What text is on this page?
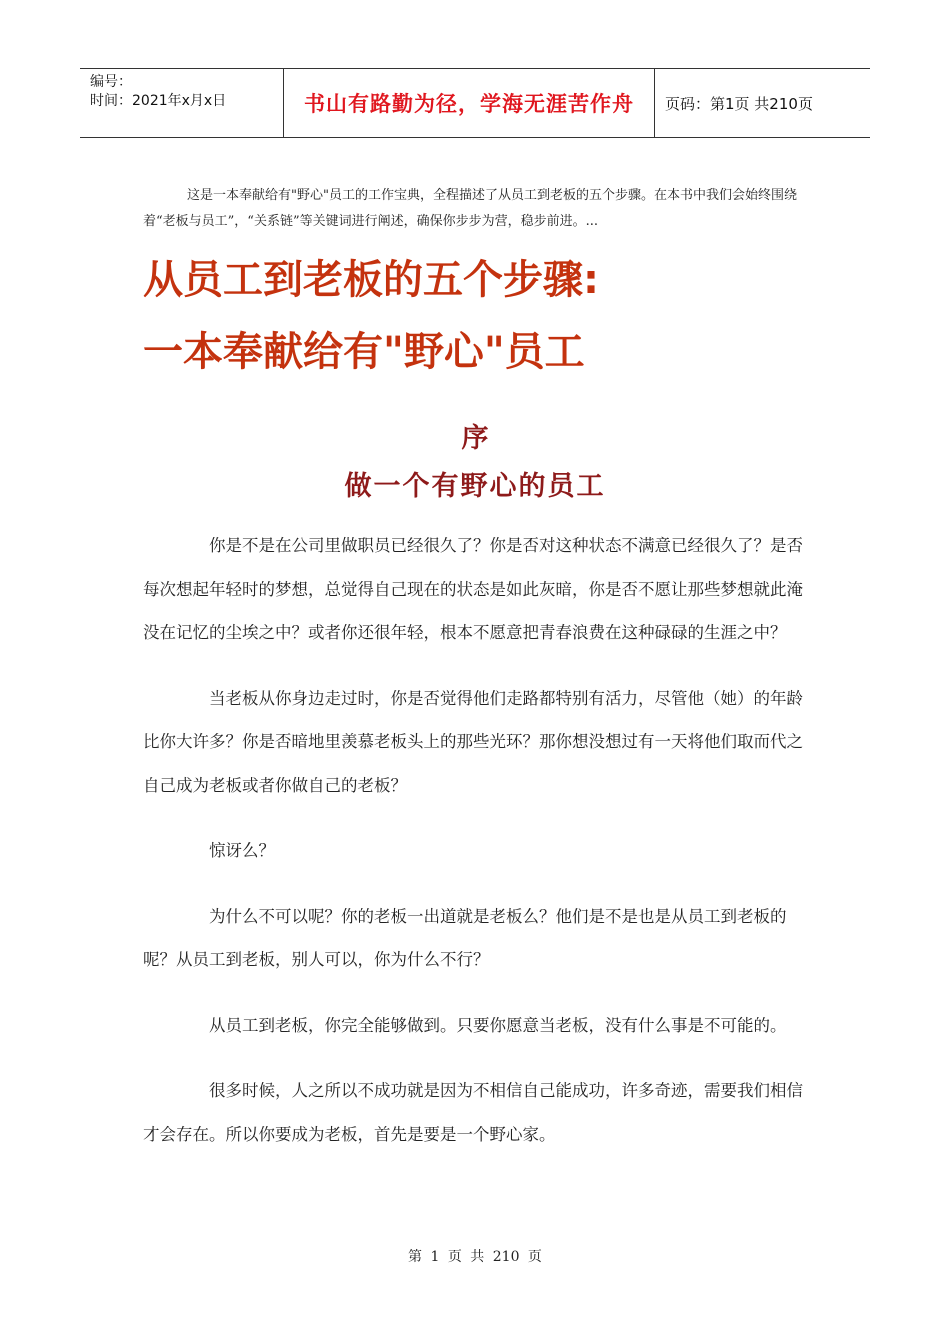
编号：
时间：2021年x月x日	书山有路勤为径，学海无涯苦作舟	页码：第1页 共210页
这是一本奉献给有"野心"员工的工作宝典，全程描述了从员工到老板的五个步骤。在本书中我们会始终围绕着“老板与员工”，“关系链”等关键词进行阐述，确保你步步为营，稳步前进。...
从员工到老板的五个步骤:
一本奉献给有"野心"员工
序
做一个有野心的员工

你是不是在公司里做职员已经很久了？你是否对这种状态不满意已经很久了？是否每次想起年轻时的梦想，总觉得自己现在的状态是如此灰暗，你是否不愿让那些梦想就此淹没在记忆的尘埃之中？或者你还很年轻，根本不愿意把青春浪费在这种碌碌的生涯之中？

当老板从你身边走过时，你是否觉得他们走路都特别有活力，尽管他（她）的年龄比你大许多？你是否暗地里羡慕老板头上的那些光环？那你想没想过有一天将他们取而代之自己成为老板或者你做自己的老板？

惊讶么？

为什么不可以呢？你的老板一出道就是老板么？他们是不是也是从员工到老板的呢？从员工到老板，别人可以，你为什么不行？

从员工到老板，你完全能够做到。只要你愿意当老板，没有什么事是不可能的。

很多时候，人之所以不成功就是因为不相信自己能成功，许多奇迹，需要我们相信才会存在。所以你要成为老板，首先是要是一个野心家。

第 1 页 共 210 页
